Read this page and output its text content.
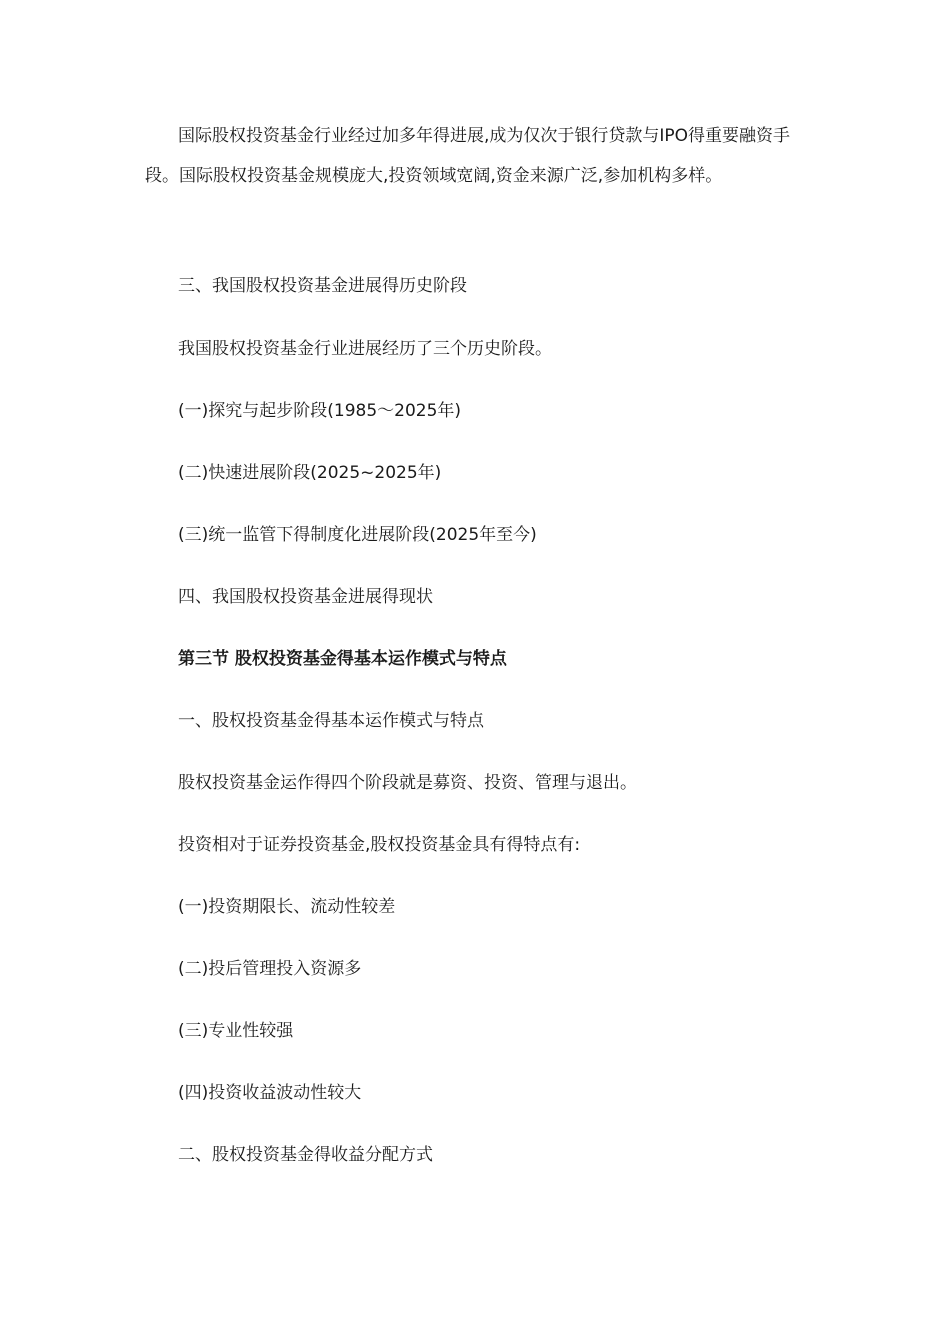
国际股权投资基金行业经过加多年得进展,成为仅次于银行贷款与IPO得重要融资手段。国际股权投资基金规模庞大,投资领域宽阔,资金来源广泛,参加机构多样。

三、我国股权投资基金进展得历史阶段

我国股权投资基金行业进展经历了三个历史阶段。

(一)探究与起步阶段(1985～2025年)

(二)快速进展阶段(2025~2025年)

(三)统一监管下得制度化进展阶段(2025年至今)

四、我国股权投资基金进展得现状

第三节 股权投资基金得基本运作模式与特点

一、股权投资基金得基本运作模式与特点

股权投资基金运作得四个阶段就是募资、投资、管理与退出。

投资相对于证券投资基金,股权投资基金具有得特点有:

(一)投资期限长、流动性较差

(二)投后管理投入资源多

(三)专业性较强

(四)投资收益波动性较大

二、股权投资基金得收益分配方式
